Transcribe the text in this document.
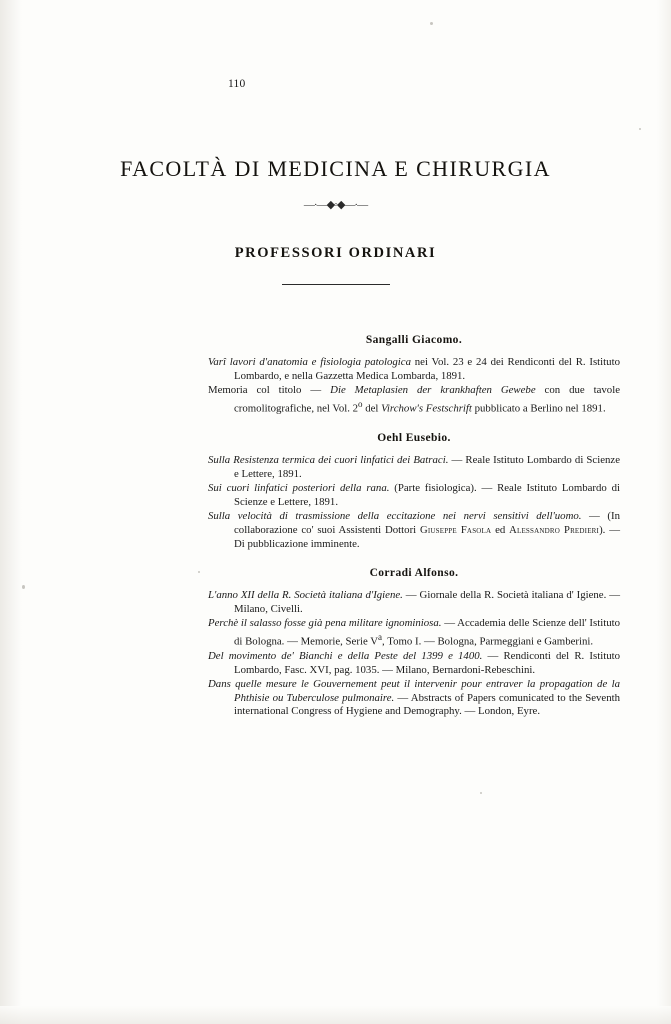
110
FACOLTÀ DI MEDICINA E CHIRURGIA
—·—◆◦◆—·—
PROFESSORI ORDINARI
Sangalli Giacomo.
Varî lavori d'anatomia e fisiologia patologica nei Vol. 23 e 24 dei Rendiconti del R. Istituto Lombardo, e nella Gazzetta Medica Lombarda, 1891.
Memoria col titolo — Die Metaplasien der krankhaften Gewebe con due tavole cromolitografiche, nel Vol. 2$^o$ del Virchow's Festschrift pubblicato a Berlino nel 1891.
Oehl Eusebio.
Sulla Resistenza termica dei cuori linfatici dei Batraci. — Reale Istituto Lombardo di Scienze e Lettere, 1891.
Sui cuori linfatici posteriori della rana. (Parte fisiologica). — Reale Istituto Lombardo di Scienze e Lettere, 1891.
Sulla velocità di trasmissione della eccitazione nei nervi sensitivi dell'uomo. — (In collaborazione co' suoi Assistenti Dottori Giuseppe Fasola ed Alessandro Predieri). — Di pubblicazione imminente.
Corradi Alfonso.
L'anno XII della R. Società italiana d'Igiene. — Giornale della R. Società italiana d' Igiene. — Milano, Civelli.
Perchè il salasso fosse già pena militare ignominiosa. — Accademia delle Scienze dell' Istituto di Bologna. — Memorie, Serie $V^a$, Tomo I. — Bologna, Parmeggiani e Gamberini.
Del movimento de' Bianchi e della Peste del 1399 e 1400. — Rendiconti del R. Istituto Lombardo, Fasc. XVI, pag. 1035. — Milano, Bernardoni-Rebeschini.
Dans quelle mesure le Gouvernement peut il intervenir pour entraver la propagation de la Phthisie ou Tuberculose pulmonaire. — Abstracts of Papers comunicated to the Seventh international Congress of Hygiene and Demography. — London, Eyre.
